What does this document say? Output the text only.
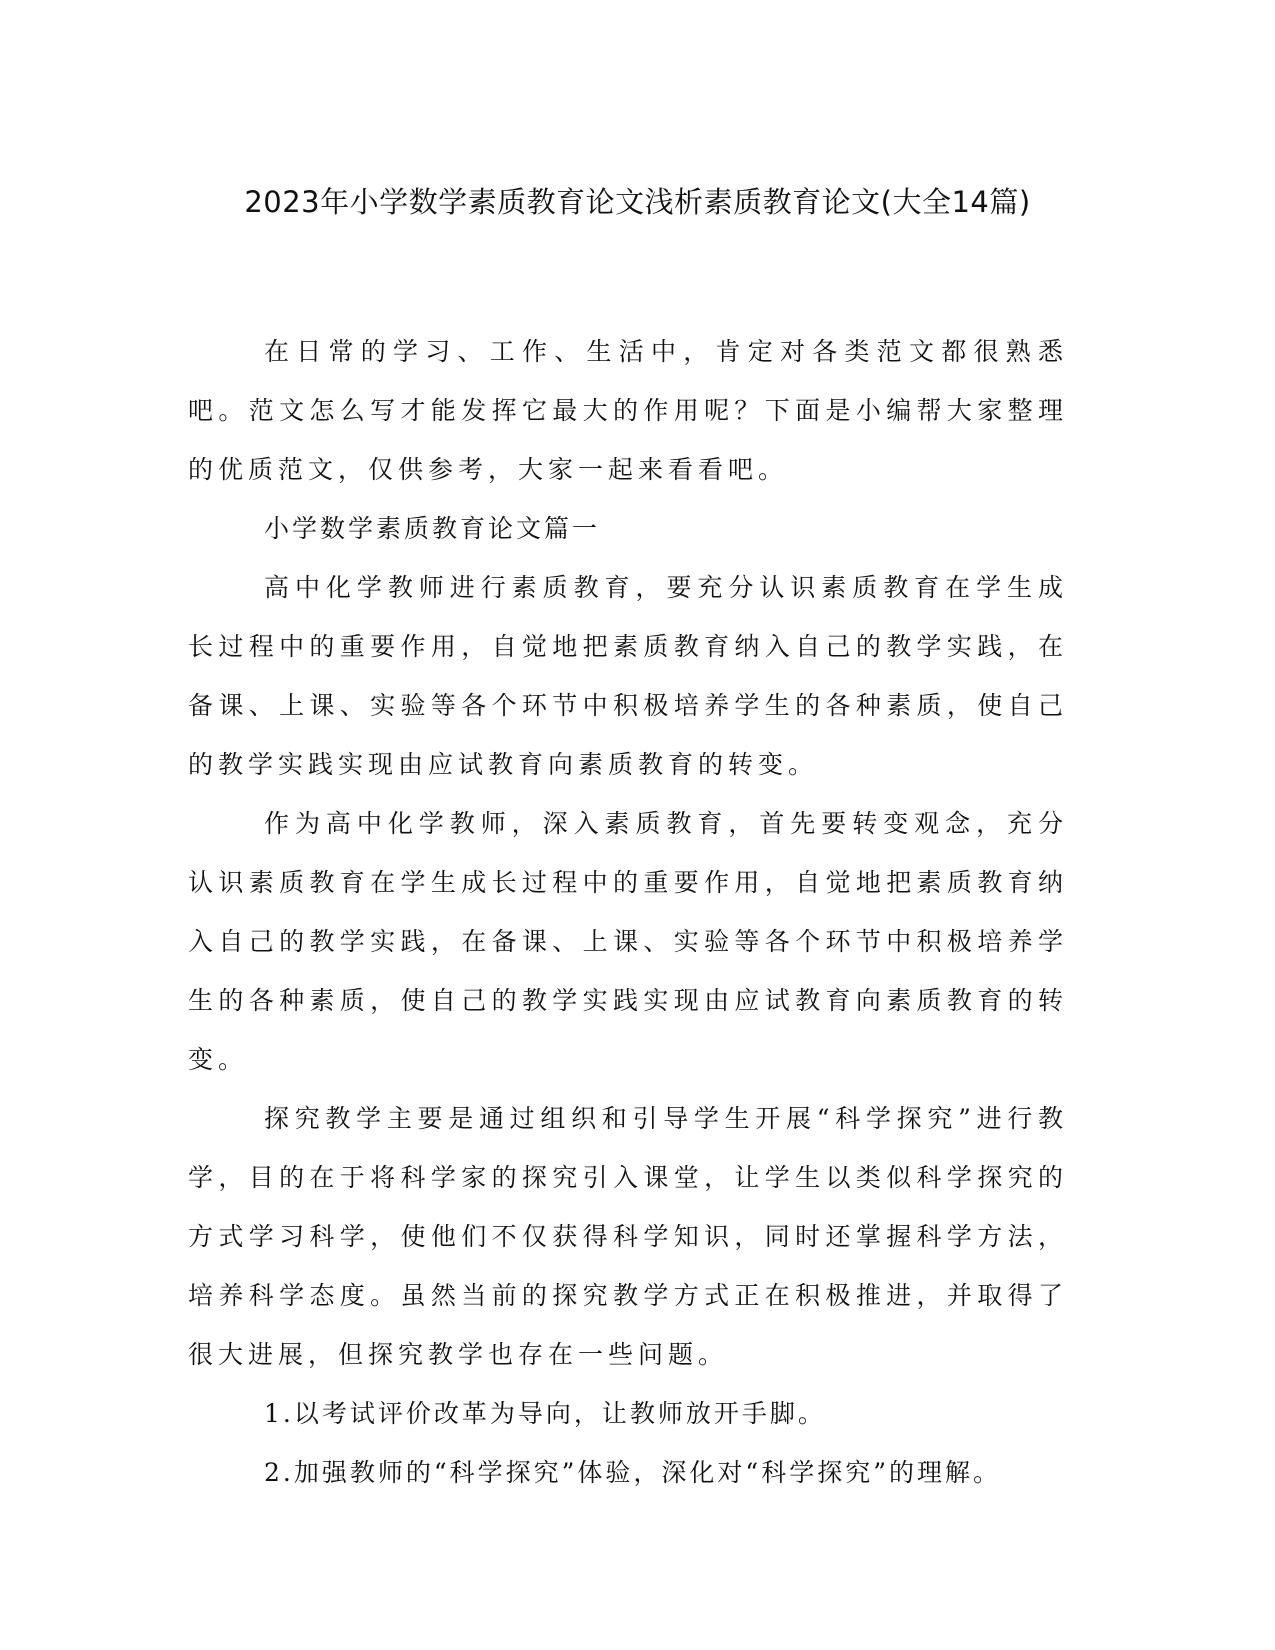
2023年小学数学素质教育论文浅析素质教育论文(大全14篇)

在日常的学习、工作、生活中，肯定对各类范文都很熟悉吧。范文怎么写才能发挥它最大的作用呢？下面是小编帮大家整理的优质范文，仅供参考，大家一起来看看吧。

小学数学素质教育论文篇一

高中化学教师进行素质教育，要充分认识素质教育在学生成长过程中的重要作用，自觉地把素质教育纳入自己的教学实践，在备课、上课、实验等各个环节中积极培养学生的各种素质，使自己的教学实践实现由应试教育向素质教育的转变。

作为高中化学教师，深入素质教育，首先要转变观念，充分认识素质教育在学生成长过程中的重要作用，自觉地把素质教育纳入自己的教学实践，在备课、上课、实验等各个环节中积极培养学生的各种素质，使自己的教学实践实现由应试教育向素质教育的转变。

探究教学主要是通过组织和引导学生开展“科学探究”进行教学，目的在于将科学家的探究引入课堂，让学生以类似科学探究的方式学习科学，使他们不仅获得科学知识，同时还掌握科学方法，培养科学态度。虽然当前的探究教学方式正在积极推进，并取得了很大进展，但探究教学也存在一些问题。

1.以考试评价改革为导向，让教师放开手脚。

2.加强教师的“科学探究”体验，深化对“科学探究”的理解。
